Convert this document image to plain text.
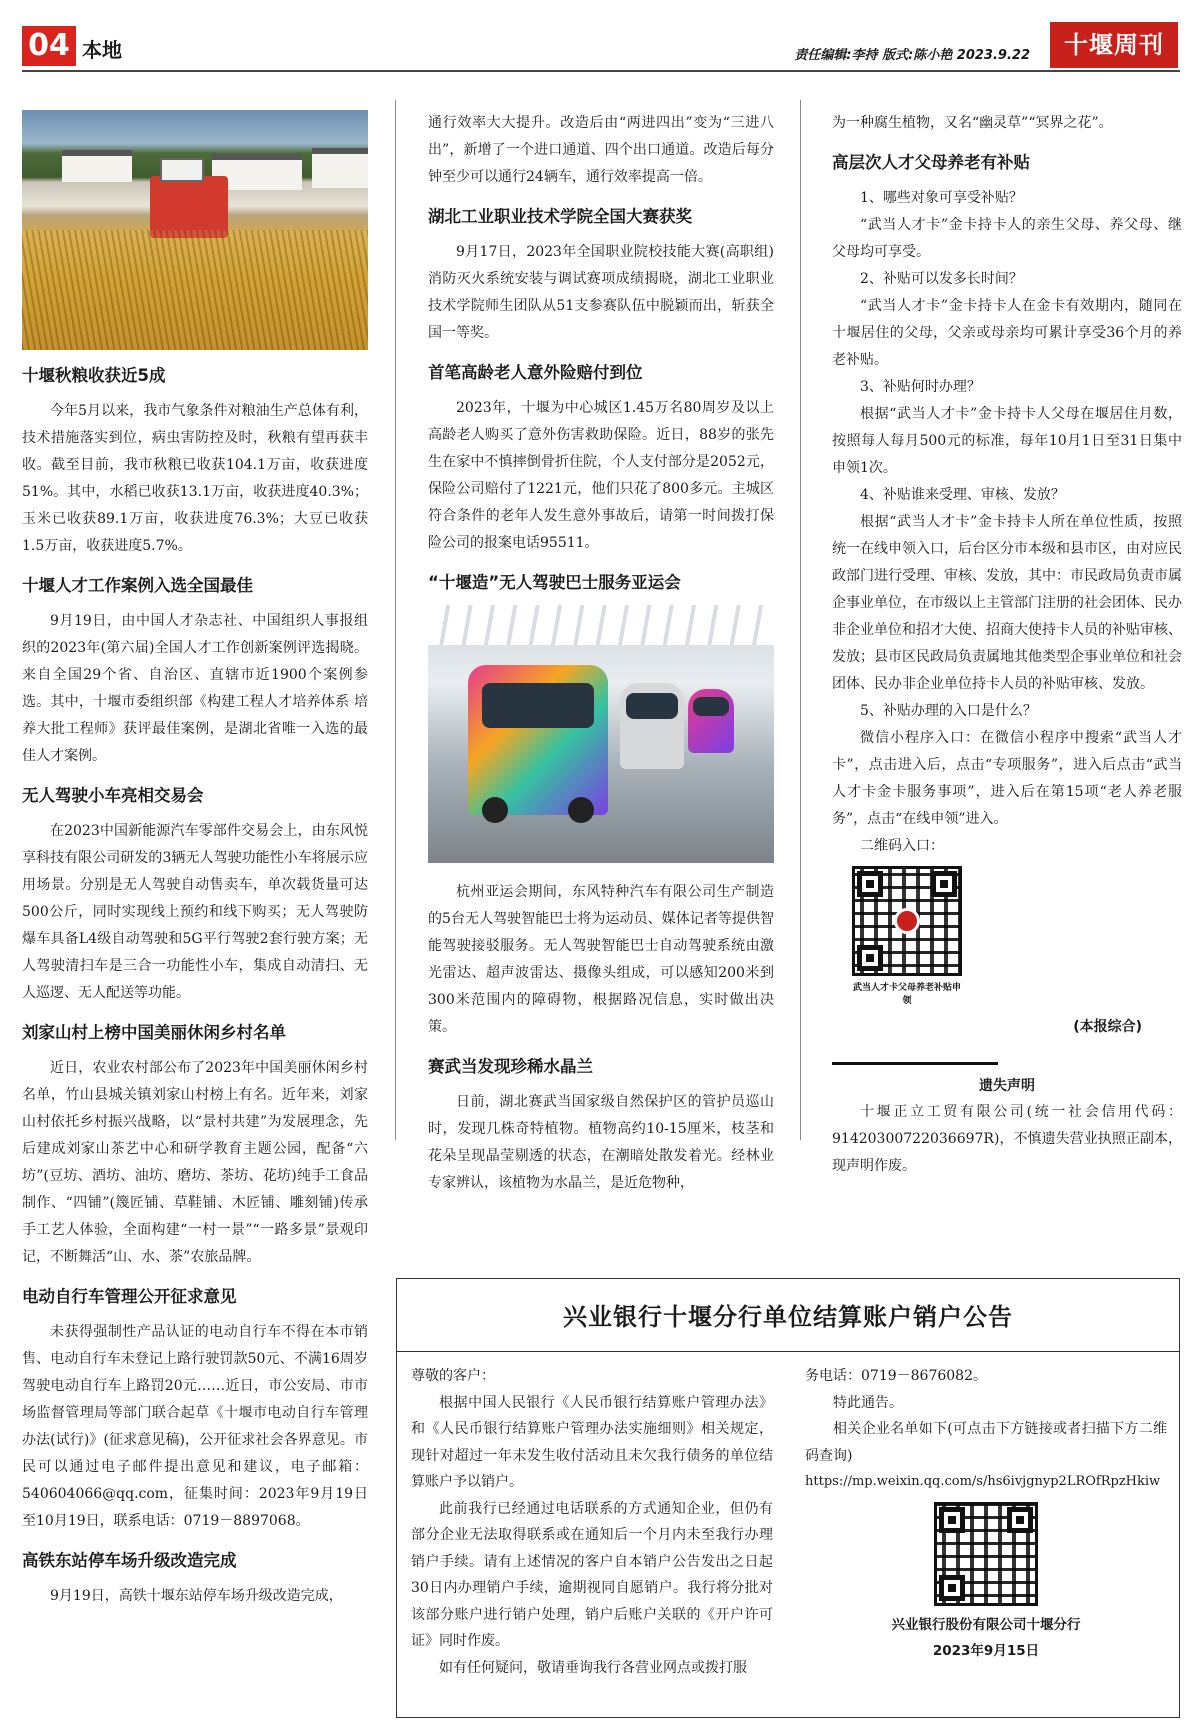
04 本地	责任编辑:李持 版式:陈小艳 2023.9.22	十堰周刊
十堰秋粮收获近5成

今年5月以来，我市气象条件对粮油生产总体有利，技术措施落实到位，病虫害防控及时，秋粮有望再获丰收。截至目前，我市秋粮已收获104.1万亩，收获进度51%。其中，水稻已收获13.1万亩，收获进度40.3%；玉米已收获89.1万亩，收获进度76.3%；大豆已收获1.5万亩，收获进度5.7%。

十堰人才工作案例入选全国最佳

9月19日，由中国人才杂志社、中国组织人事报组织的2023年(第六届)全国人才工作创新案例评选揭晓。来自全国29个省、自治区、直辖市近1900个案例参选。其中，十堰市委组织部《构建工程人才培养体系 培养大批工程师》获评最佳案例，是湖北省唯一入选的最佳人才案例。

无人驾驶小车亮相交易会

在2023中国新能源汽车零部件交易会上，由东风悦享科技有限公司研发的3辆无人驾驶功能性小车将展示应用场景。分别是无人驾驶自动售卖车，单次载货量可达500公斤，同时实现线上预约和线下购买；无人驾驶防爆车具备L4级自动驾驶和5G平行驾驶2套行驶方案；无人驾驶清扫车是三合一功能性小车，集成自动清扫、无人巡逻、无人配送等功能。

刘家山村上榜中国美丽休闲乡村名单

近日，农业农村部公布了2023年中国美丽休闲乡村名单，竹山县城关镇刘家山村榜上有名。近年来，刘家山村依托乡村振兴战略，以“景村共建”为发展理念，先后建成刘家山茶艺中心和研学教育主题公园，配备“六坊”(豆坊、酒坊、油坊、磨坊、茶坊、花坊)纯手工食品制作、“四铺”(篾匠铺、草鞋铺、木匠铺、雕刻铺)传承手工艺人体验，全面构建“一村一景”“一路多景”景观印记，不断舞活“山、水、茶”农旅品牌。

电动自行车管理公开征求意见

未获得强制性产品认证的电动自行车不得在本市销售、电动自行车未登记上路行驶罚款50元、不满16周岁驾驶电动自行车上路罚20元……近日，市公安局、市市场监督管理局等部门联合起草《十堰市电动自行车管理办法(试行)》(征求意见稿)，公开征求社会各界意见。市民可以通过电子邮件提出意见和建议，电子邮箱：540604066@qq.com，征集时间：2023年9月19日至10月19日，联系电话：0719－8897068。

高铁东站停车场升级改造完成

9月19日，高铁十堰东站停车场升级改造完成，

通行效率大大提升。改造后由“两进四出”变为“三进八出”，新增了一个进口通道、四个出口通道。改造后每分钟至少可以通行24辆车，通行效率提高一倍。

湖北工业职业技术学院全国大赛获奖

9月17日，2023年全国职业院校技能大赛(高职组)消防灭火系统安装与调试赛项成绩揭晓，湖北工业职业技术学院师生团队从51支参赛队伍中脱颖而出，斩获全国一等奖。

首笔高龄老人意外险赔付到位

2023年，十堰为中心城区1.45万名80周岁及以上高龄老人购买了意外伤害救助保险。近日，88岁的张先生在家中不慎摔倒骨折住院，个人支付部分是2052元，保险公司赔付了1221元，他们只花了800多元。主城区符合条件的老年人发生意外事故后，请第一时间拨打保险公司的报案电话95511。

“十堰造”无人驾驶巴士服务亚运会

杭州亚运会期间，东风特种汽车有限公司生产制造的5台无人驾驶智能巴士将为运动员、媒体记者等提供智能驾驶接驳服务。无人驾驶智能巴士自动驾驶系统由激光雷达、超声波雷达、摄像头组成，可以感知200米到300米范围内的障碍物，根据路况信息，实时做出决策。

赛武当发现珍稀水晶兰

日前，湖北赛武当国家级自然保护区的管护员巡山时，发现几株奇特植物。植物高约10-15厘米，枝茎和花朵呈现晶莹剔透的状态，在潮暗处散发着光。经林业专家辨认，该植物为水晶兰，是近危物种，

为一种腐生植物，又名“幽灵草”“冥界之花”。

高层次人才父母养老有补贴

1、哪些对象可享受补贴？

“武当人才卡”金卡持卡人的亲生父母、养父母、继父母均可享受。

2、补贴可以发多长时间？

“武当人才卡”金卡持卡人在金卡有效期内，随同在十堰居住的父母，父亲或母亲均可累计享受36个月的养老补贴。

3、补贴何时办理？

根据“武当人才卡”金卡持卡人父母在堰居住月数，按照每人每月500元的标准，每年10月1日至31日集中申领1次。

4、补贴谁来受理、审核、发放？

根据“武当人才卡”金卡持卡人所在单位性质，按照统一在线申领入口，后台区分市本级和县市区，由对应民政部门进行受理、审核、发放，其中：市民政局负责市属企事业单位，在市级以上主管部门注册的社会团体、民办非企业单位和招才大使、招商大使持卡人员的补贴审核、发放；县市区民政局负责属地其他类型企事业单位和社会团体、民办非企业单位持卡人员的补贴审核、发放。

5、补贴办理的入口是什么？

微信小程序入口：在微信小程序中搜索“武当人才卡”，点击进入后，点击“专项服务”，进入后点击“武当人才卡金卡服务事项”，进入后在第15项“老人养老服务”，点击“在线申领”进入。

二维码入口：

武当人才卡父母养老补贴申领
(本报综合)
遗失声明

十堰正立工贸有限公司(统一社会信用代码：91420300722036697R)，不慎遗失营业执照正副本，现声明作废。

兴业银行十堰分行单位结算账户销户公告

尊敬的客户：

根据中国人民银行《人民币银行结算账户管理办法》和《人民币银行结算账户管理办法实施细则》相关规定，现针对超过一年未发生收付活动且未欠我行债务的单位结算账户予以销户。

此前我行已经通过电话联系的方式通知企业，但仍有部分企业无法取得联系或在通知后一个月内未至我行办理销户手续。请有上述情况的客户自本销户公告发出之日起30日内办理销户手续，逾期视同自愿销户。我行将分批对该部分账户进行销户处理，销户后账户关联的《开户许可证》同时作废。

如有任何疑问，敬请垂询我行各营业网点或拨打服

务电话：0719－8676082。

特此通告。

相关企业名单如下(可点击下方链接或者扫描下方二维码查询)

https://mp.weixin.qq.com/s/hs6ivjgnyp2LROfRpzHkiw

兴业银行股份有限公司十堰分行
2023年9月15日
